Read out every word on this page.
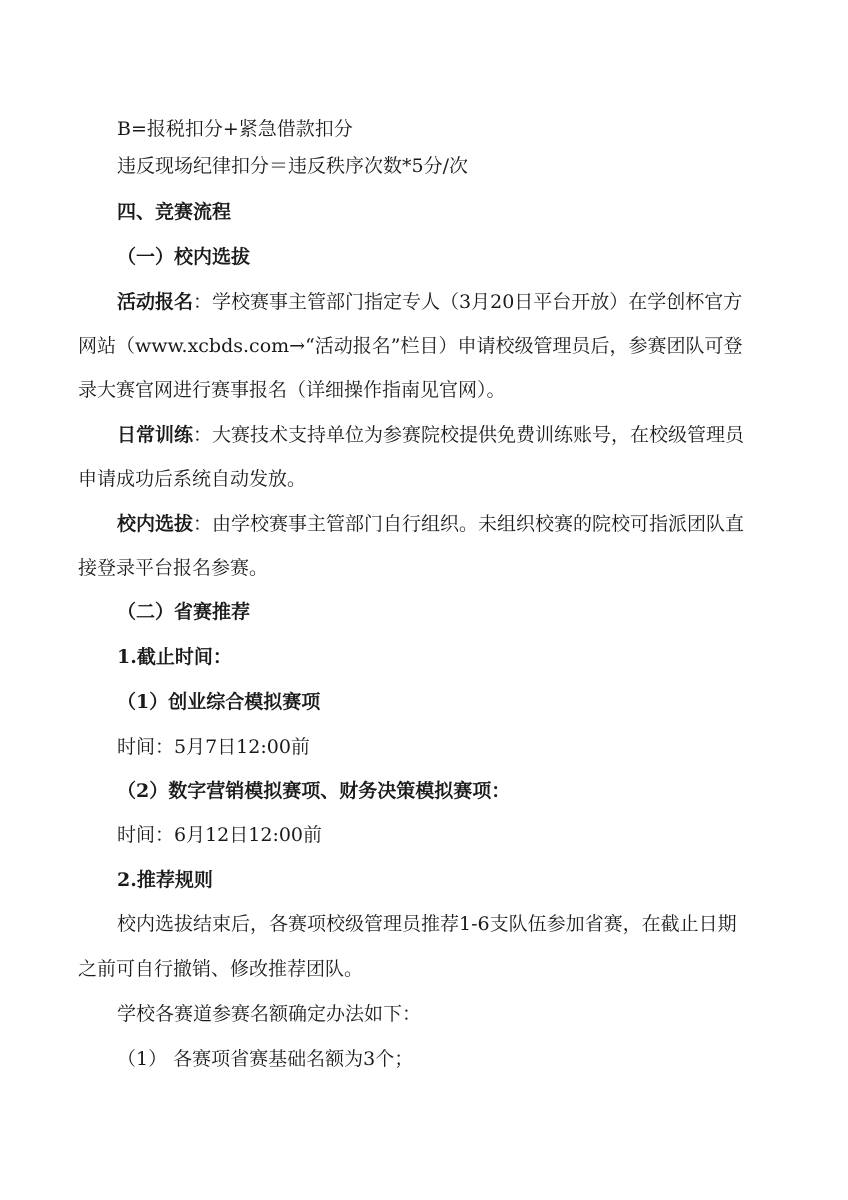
B=报税扣分+紧急借款扣分
违反现场纪律扣分＝违反秩序次数*5分/次
四、竞赛流程
（一）校内选拔
活动报名：学校赛事主管部门指定专人（3月20日平台开放）在学创杯官方
网站（www.xcbds.com→“活动报名”栏目）申请校级管理员后，参赛团队可登
录大赛官网进行赛事报名（详细操作指南见官网）。
日常训练：大赛技术支持单位为参赛院校提供免费训练账号，在校级管理员
申请成功后系统自动发放。
校内选拔：由学校赛事主管部门自行组织。未组织校赛的院校可指派团队直
接登录平台报名参赛。
（二）省赛推荐
1.截止时间：
（1）创业综合模拟赛项
时间：5月7日12:00前
（2）数字营销模拟赛项、财务决策模拟赛项：
时间：6月12日12:00前
2.推荐规则
校内选拔结束后，各赛项校级管理员推荐1-6支队伍参加省赛，在截止日期
之前可自行撤销、修改推荐团队。
学校各赛道参赛名额确定办法如下：
（1） 各赛项省赛基础名额为3个；
